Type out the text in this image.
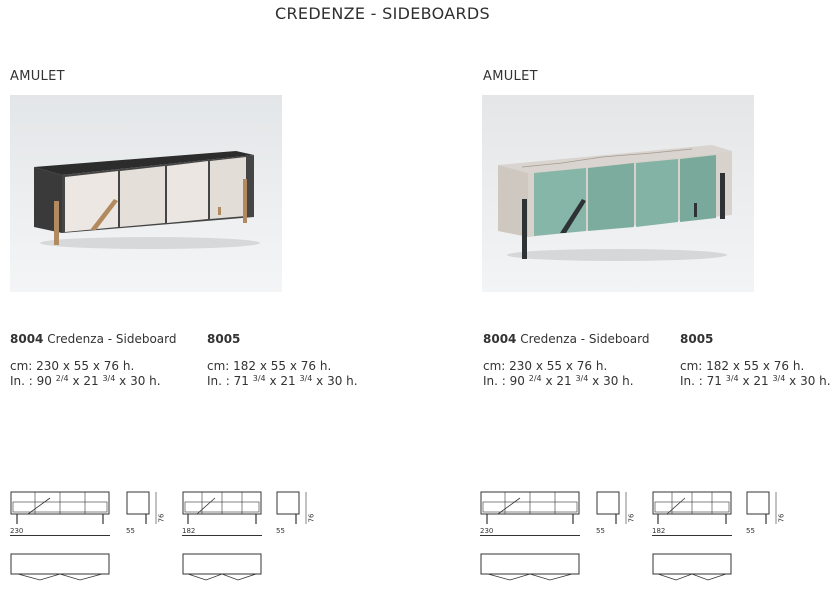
CREDENZE - SIDEBOARDS
AMULET
8004 Credenza - Sideboard
cm: 230 x 55 x 76 h.
In. : 90 $^{2/4}$ x 21 $^{3/4}$ x 30 h.
8005
cm: 182 x 55 x 76 h.
In. : 71 $^{3/4}$ x 21 $^{3/4}$ x 30 h.
AMULET
8004 Credenza - Sideboard
cm: 230 x 55 x 76 h.
In. : 90 $^{2/4}$ x 21 $^{3/4}$ x 30 h.
8005
cm: 182 x 55 x 76 h.
In. : 71 $^{3/4}$ x 21 $^{3/4}$ x 30 h.
230	55
76
182	55
76
230	55
76
182	55
76
